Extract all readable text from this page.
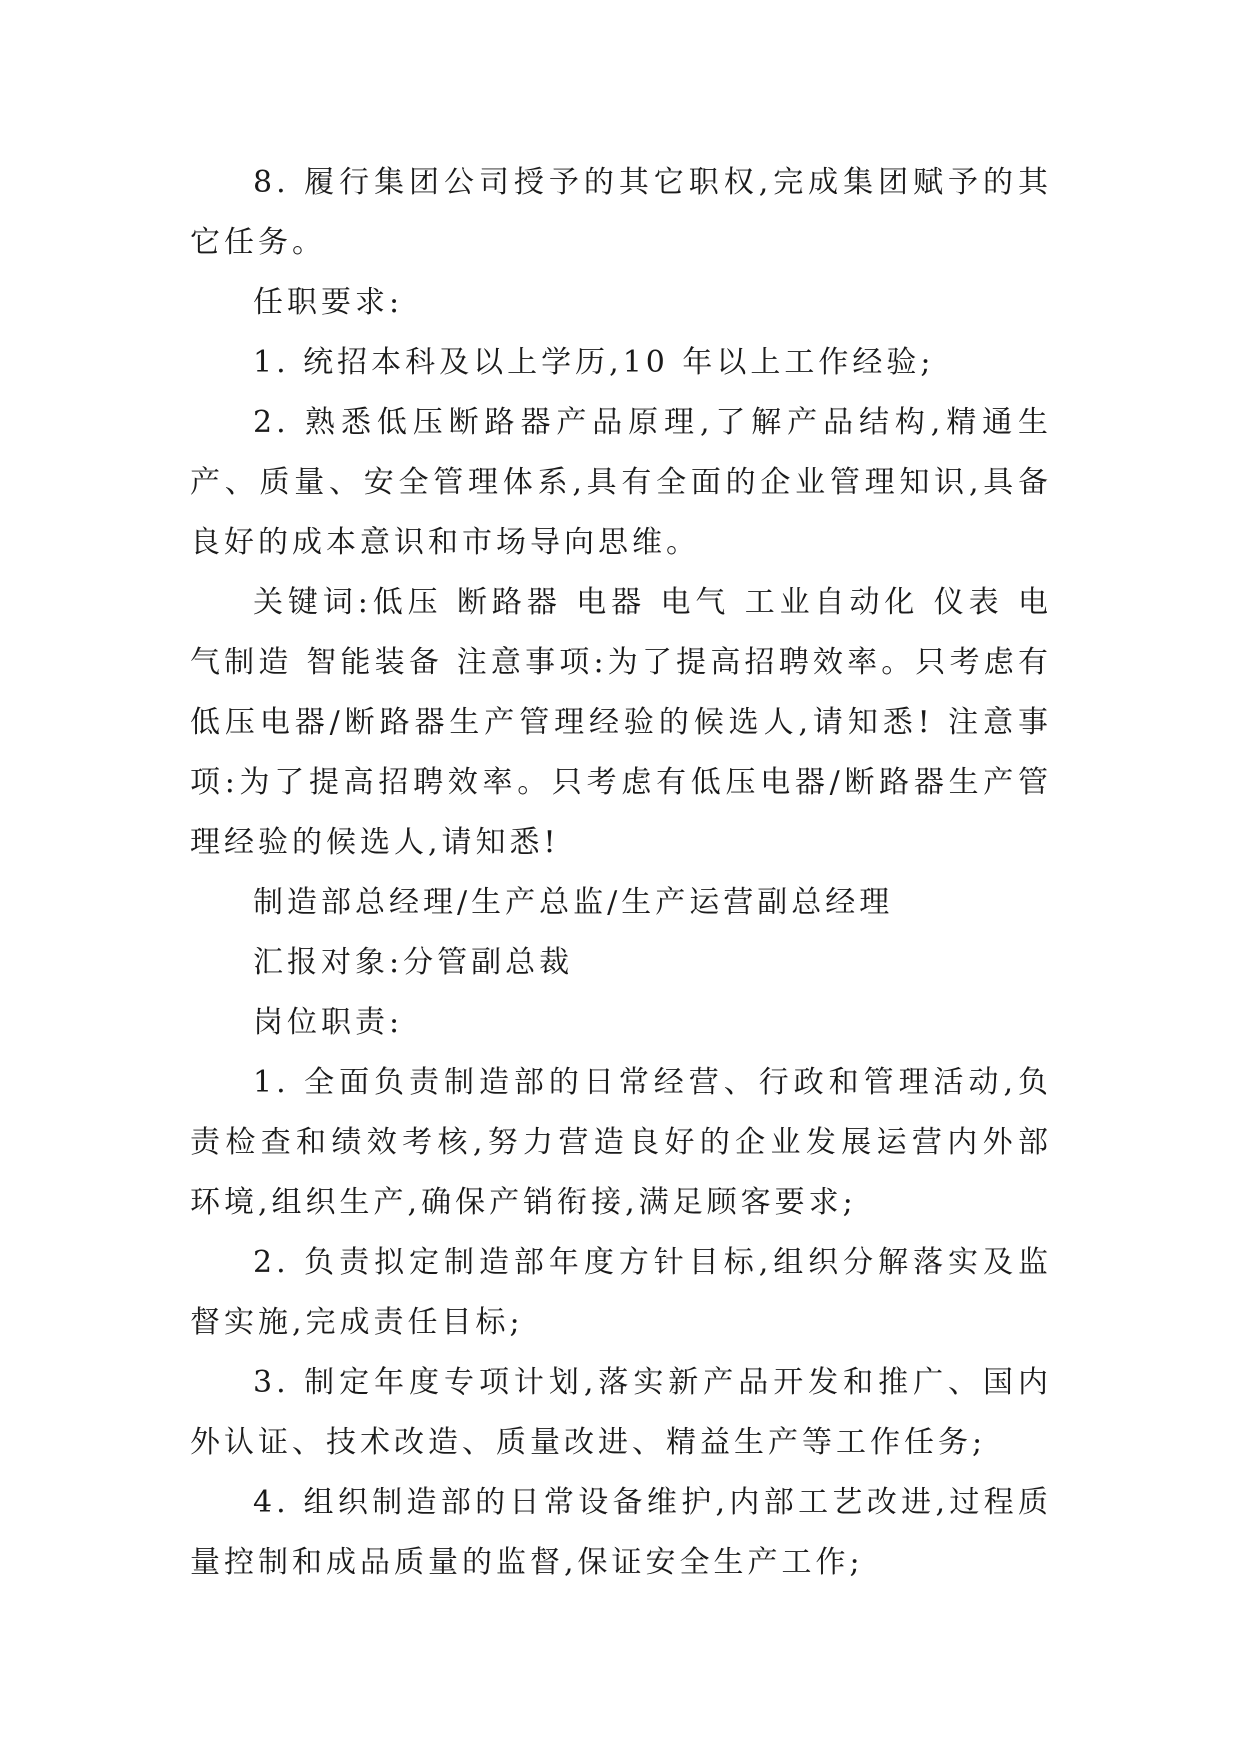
8. 履行集团公司授予的其它职权,完成集团赋予的其它任务。

任职要求:

1. 统招本科及以上学历,10 年以上工作经验;

2. 熟悉低压断路器产品原理,了解产品结构,精通生产、质量、安全管理体系,具有全面的企业管理知识,具备良好的成本意识和市场导向思维。

关键词:低压 断路器 电器 电气 工业自动化 仪表 电气制造 智能装备 注意事项:为了提高招聘效率。只考虑有低压电器/断路器生产管理经验的候选人,请知悉! 注意事项:为了提高招聘效率。只考虑有低压电器/断路器生产管理经验的候选人,请知悉!

制造部总经理/生产总监/生产运营副总经理

汇报对象:分管副总裁

岗位职责:

1. 全面负责制造部的日常经营、行政和管理活动,负责检查和绩效考核,努力营造良好的企业发展运营内外部环境,组织生产,确保产销衔接,满足顾客要求;

2. 负责拟定制造部年度方针目标,组织分解落实及监督实施,完成责任目标;

3. 制定年度专项计划,落实新产品开发和推广、国内外认证、技术改造、质量改进、精益生产等工作任务;

4. 组织制造部的日常设备维护,内部工艺改进,过程质量控制和成品质量的监督,保证安全生产工作;
